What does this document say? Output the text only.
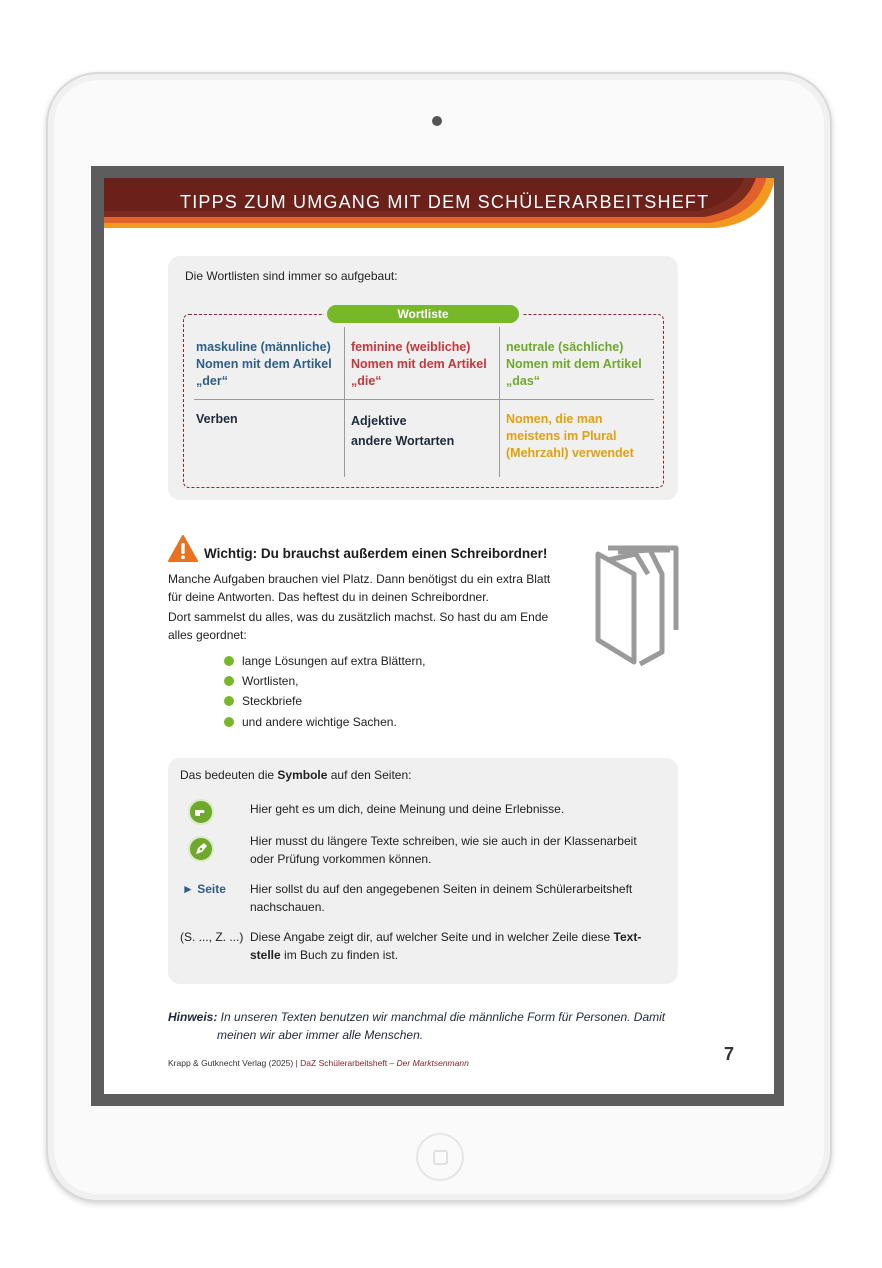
TIPPS ZUM UMGANG MIT DEM SCHÜLERARBEITSHEFT
Die Wortlisten sind immer so aufgebaut:
maskuline (männliche)
Nomen mit dem Artikel
„der“
feminine (weibliche)
Nomen mit dem Artikel
„die“
neutrale (sächliche)
Nomen mit dem Artikel
„das“
Verben	Adjektive
andere Wortarten
Nomen, die man
meistens im Plural
(Mehrzahl) verwendet
Wortliste
Wichtig: Du brauchst außerdem einen Schreibordner!
Manche Aufgaben brauchen viel Platz. Dann benötigst du ein extra Blatt
für deine Antworten. Das heftest du in deinen Schreibordner.
Dort sammelst du alles, was du zusätzlich machst. So hast du am Ende
alles geordnet:
lange Lösungen auf extra Blättern,
Wortlisten,
Steckbriefe
und andere wichtige Sachen.
Das bedeuten die Symbole auf den Seiten:
Hier geht es um dich, deine Meinung und deine Erlebnisse.
Hier musst du längere Texte schreiben, wie sie auch in der Klassenarbeit
oder Prüfung vorkommen können.
► Seite Hier sollst du auf den angegebenen Seiten in deinem Schülerarbeitsheft
nachschauen.
(S. ..., Z. ...) Diese Angabe zeigt dir, auf welcher Seite und in welcher Zeile diese Text-
stelle im Buch zu finden ist.
Hinweis: In unseren Texten benutzen wir manchmal die männliche Form für Personen. Damit
meinen wir aber immer alle Menschen.
Krapp & Gutknecht Verlag (2025) | DaZ Schülerarbeitsheft – Der Marktsenmann	7
